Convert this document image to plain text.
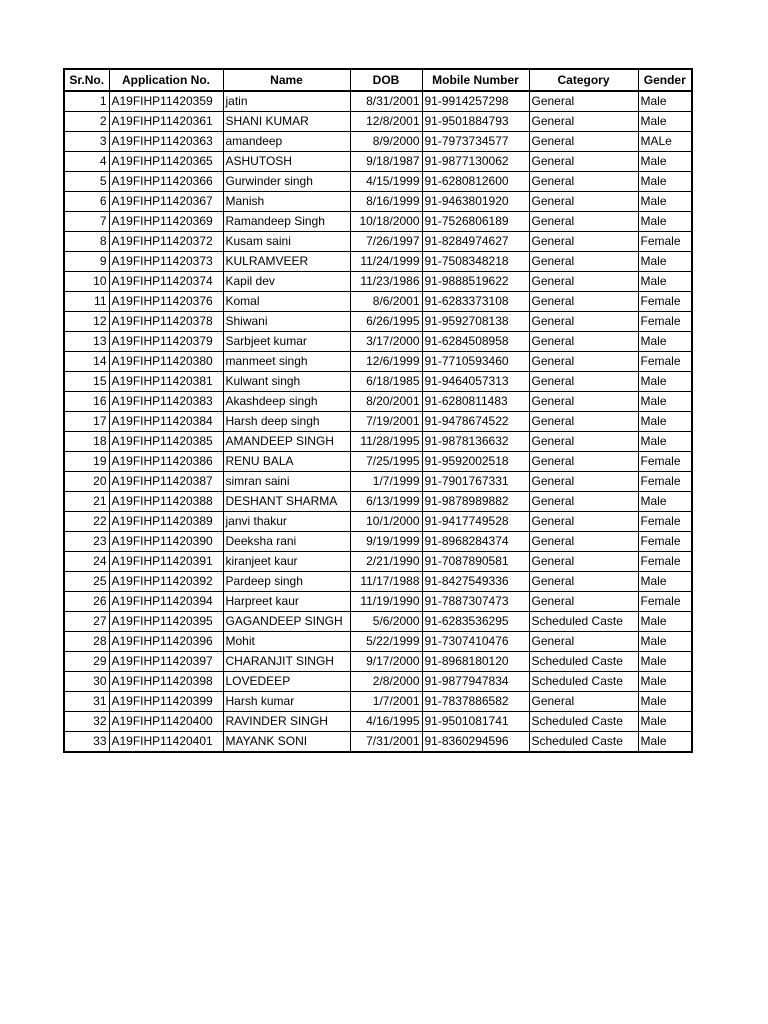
Sr.No.	Application No.	Name	DOB	Mobile Number	Category	Gender
1	A19FIHP11420359	jatin	8/31/2001	91-9914257298	General	Male
2	A19FIHP11420361	SHANI KUMAR	12/8/2001	91-9501884793	General	Male
3	A19FIHP11420363	amandeep	8/9/2000	91-7973734577	General	MALe
4	A19FIHP11420365	ASHUTOSH	9/18/1987	91-9877130062	General	Male
5	A19FIHP11420366	Gurwinder singh	4/15/1999	91-6280812600	General	Male
6	A19FIHP11420367	Manish	8/16/1999	91-9463801920	General	Male
7	A19FIHP11420369	Ramandeep Singh	10/18/2000	91-7526806189	General	Male
8	A19FIHP11420372	Kusam saini	7/26/1997	91-8284974627	General	Female
9	A19FIHP11420373	KULRAMVEER	11/24/1999	91-7508348218	General	Male
10	A19FIHP11420374	Kapil dev	11/23/1986	91-9888519622	General	Male
11	A19FIHP11420376	Komal	8/6/2001	91-6283373108	General	Female
12	A19FIHP11420378	Shiwani	6/26/1995	91-9592708138	General	Female
13	A19FIHP11420379	Sarbjeet kumar	3/17/2000	91-6284508958	General	Male
14	A19FIHP11420380	manmeet singh	12/6/1999	91-7710593460	General	Female
15	A19FIHP11420381	Kulwant singh	6/18/1985	91-9464057313	General	Male
16	A19FIHP11420383	Akashdeep singh	8/20/2001	91-6280811483	General	Male
17	A19FIHP11420384	Harsh deep singh	7/19/2001	91-9478674522	General	Male
18	A19FIHP11420385	AMANDEEP SINGH	11/28/1995	91-9878136632	General	Male
19	A19FIHP11420386	RENU BALA	7/25/1995	91-9592002518	General	Female
20	A19FIHP11420387	simran saini	1/7/1999	91-7901767331	General	Female
21	A19FIHP11420388	DESHANT SHARMA	6/13/1999	91-9878989882	General	Male
22	A19FIHP11420389	janvi thakur	10/1/2000	91-9417749528	General	Female
23	A19FIHP11420390	Deeksha rani	9/19/1999	91-8968284374	General	Female
24	A19FIHP11420391	kiranjeet kaur	2/21/1990	91-7087890581	General	Female
25	A19FIHP11420392	Pardeep singh	11/17/1988	91-8427549336	General	Male
26	A19FIHP11420394	Harpreet kaur	11/19/1990	91-7887307473	General	Female
27	A19FIHP11420395	GAGANDEEP SINGH	5/6/2000	91-6283536295	Scheduled Caste	Male
28	A19FIHP11420396	Mohit	5/22/1999	91-7307410476	General	Male
29	A19FIHP11420397	CHARANJIT SINGH	9/17/2000	91-8968180120	Scheduled Caste	Male
30	A19FIHP11420398	LOVEDEEP	2/8/2000	91-9877947834	Scheduled Caste	Male
31	A19FIHP11420399	Harsh kumar	1/7/2001	91-7837886582	General	Male
32	A19FIHP11420400	RAVINDER SINGH	4/16/1995	91-9501081741	Scheduled Caste	Male
33	A19FIHP11420401	MAYANK SONI	7/31/2001	91-8360294596	Scheduled Caste	Male
